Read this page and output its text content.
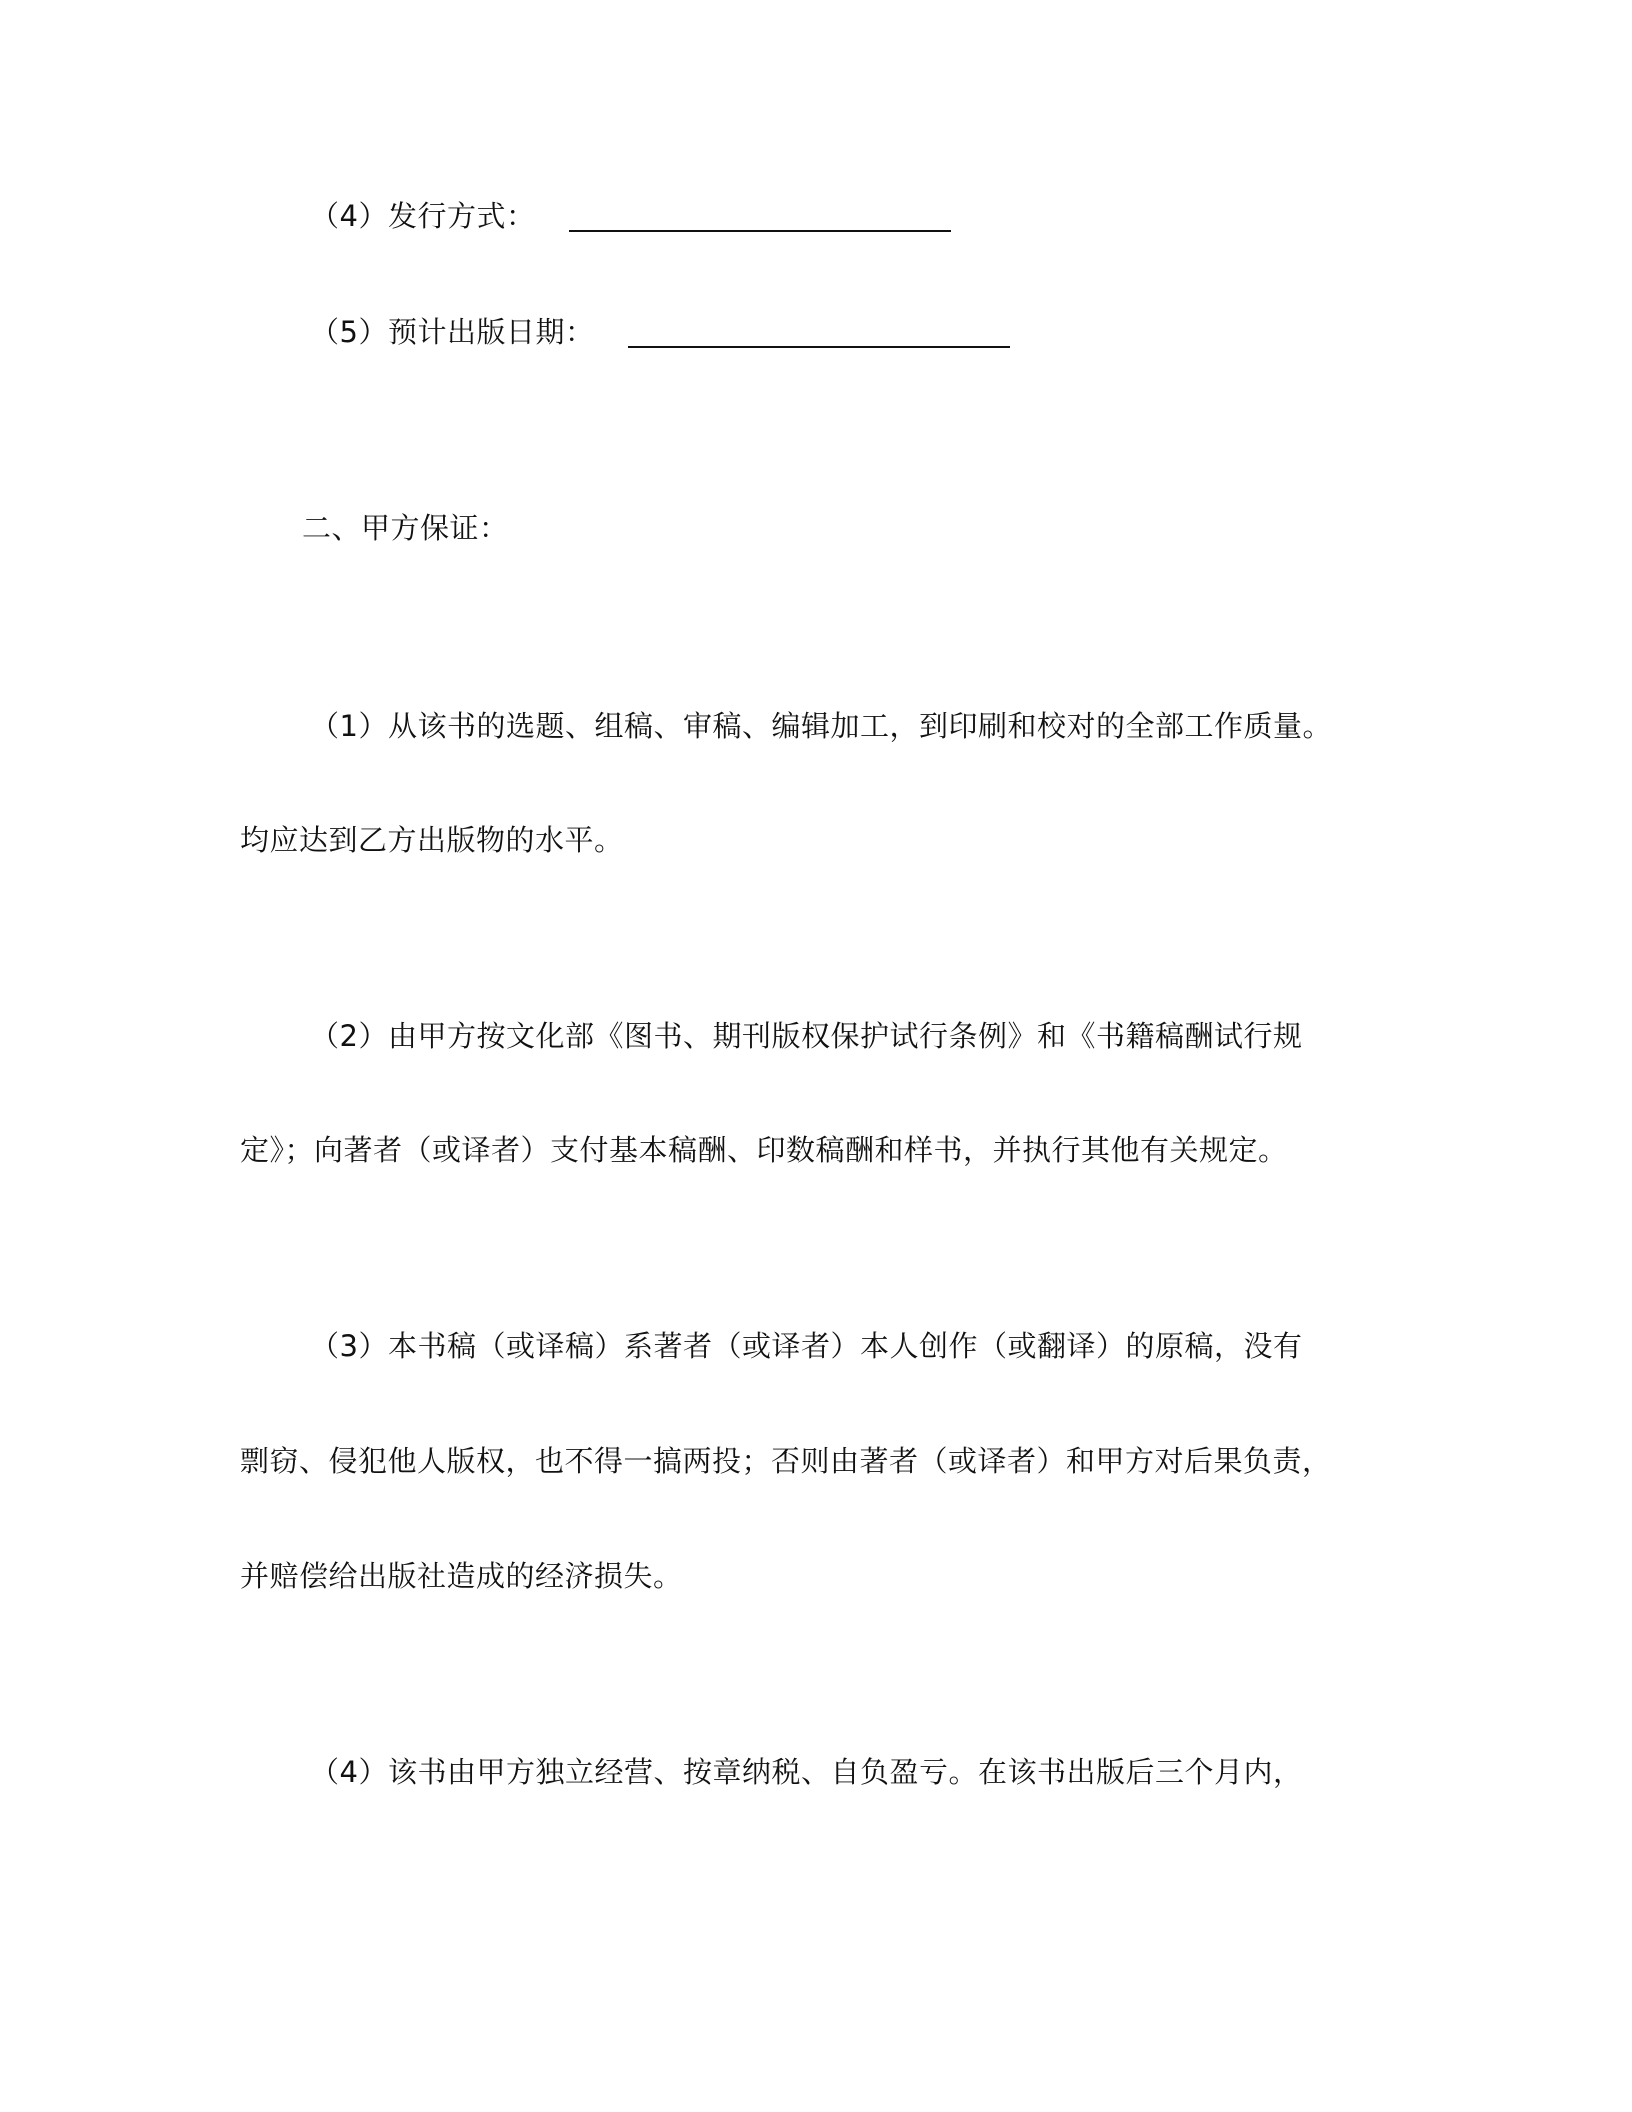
（4）发行方式：
（5）预计出版日期：
二、甲方保证：
（1）从该书的选题、组稿、审稿、编辑加工，到印刷和校对的全部工作质量。
均应达到乙方出版物的水平。
（2）由甲方按文化部《图书、期刊版权保护试行条例》和《书籍稿酬试行规
定》；向著者（或译者）支付基本稿酬、印数稿酬和样书，并执行其他有关规定。
（3）本书稿（或译稿）系著者（或译者）本人创作（或翻译）的原稿，没有
剽窃、侵犯他人版权，也不得一搞两投；否则由著者（或译者）和甲方对后果负责，
并赔偿给出版社造成的经济损失。
（4）该书由甲方独立经营、按章纳税、自负盈亏。在该书出版后三个月内，
